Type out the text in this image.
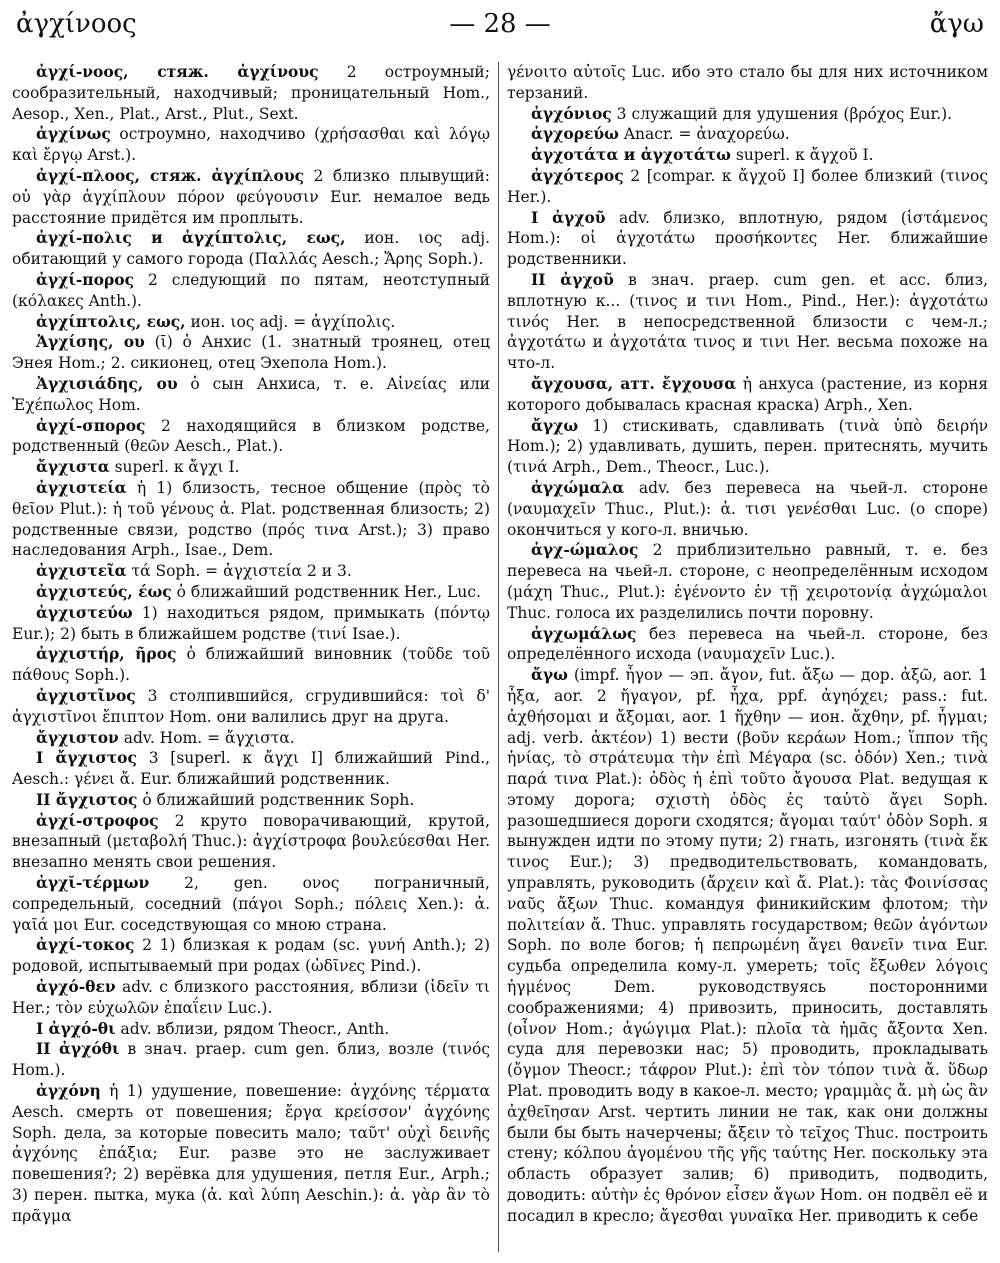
ἀγχίνοος	— 28 —	ἄγω

ἀγχί-νοος, стяж. ἀγχίνους 2 остроумный; сообразительный, находчивый; проницательный Hom., Aesop., Xen., Plat., Arst., Plut., Sext.

ἀγχίνως остроумно, находчиво (χρήσασθαι καὶ λόγῳ καὶ ἔργῳ Arst.).

ἀγχί-πλοος, стяж. ἀγχίπλους 2 близко плывущий: οὐ γὰρ ἀγχίπλουν πόρον φεύγουσιν Eur. немалое ведь расстояние придётся им проплыть.

ἀγχί-πολις и ἀγχίπτολις, εως, ион. ιος adj. обитающий у самого города (Παλλάς Aesch.; Ἄρης Soph.).

ἀγχί-πορος 2 следующий по пятам, неотступный (κόλακες Anth.).

ἀγχίπτολις, εως, ион. ιος adj. = ἀγχίπολις.

Ἀγχίσης, ου (ῑ) ὁ Анхис (1. знатный троянец, отец Энея Hom.; 2. сикионец, отец Эхепола Hom.).

Ἀγχισιάδης, ου ὁ сын Анхиса, т. е. Αἰνείας или Ἐχέπωλος Hom.

ἀγχί-σπορος 2 находящийся в близком родстве, родственный (θεῶν Aesch., Plat.).

ἄγχιστα superl. к ἄγχι I.

ἀγχιστεία ἡ 1) близость, тесное общение (πρὸς τὸ θεῖον Plut.): ἡ τοῦ γένους ἀ. Plat. родственная близость; 2) родственные связи, родство (πρός τινα Arst.); 3) право наследования Arph., Isae., Dem.

ἀγχιστεῖα τά Soph. = ἀγχιστεία 2 и 3.

ἀγχιστεύς, έως ὁ ближайший родственник Her., Luc.

ἀγχιστεύω 1) находиться рядом, примыкать (πόντῳ Eur.); 2) быть в ближайшем родстве (τινί Isae.).

ἀγχιστήρ, ῆρος ὁ ближайший виновник (τοῦδε τοῦ πάθους Soph.).

ἀγχιστῖνος 3 столпившийся, сгрудившийся: τοὶ δ' ἀγχιστῖνοι ἔπιπτον Hom. они валились друг на друга.

ἄγχιστον adv. Hom. = ἄγχιστα.

I ἄγχιστος 3 [superl. к ἄγχι I] ближайший Pind., Aesch.: γένει ἄ. Eur. ближайший родственник.

II ἄγχιστος ὁ ближайший родственник Soph.

ἀγχί-στροφος 2 круто поворачивающий, крутой, внезапный (μεταβολή Thuc.): ἀγχίστροφα βουλεύεσθαι Her. внезапно менять свои решения.

ἀγχῐ-τέρμων 2, gen. ονος пограничный, сопредельный, соседний (πάγοι Soph.; πόλεις Xen.): ἀ. γαῖά μοι Eur. соседствующая со мною страна.

ἀγχί-τοκος 2 1) близкая к родам (sc. γυνή Anth.); 2) родовой, испытываемый при родах (ὠδῖνες Pind.).

ἀγχό-θεν adv. с близкого расстояния, вблизи (ἰδεῖν τι Her.; τὸν εὐχωλῶν ἐπαΐειν Luc.).

I ἀγχό-θι adv. вблизи, рядом Theocr., Anth.

II ἀγχόθι в знач. praep. cum gen. близ, возле (τινός Hom.).

ἀγχόνη ἡ 1) удушение, повешение: ἀγχόνης τέρματα Aesch. смерть от повешения; ἔργα κρείσσον' ἀγχόνης Soph. дела, за которые повесить мало; ταῦτ' οὐχὶ δεινῆς ἀγχόνης ἐπάξια; Eur. разве это не заслуживает повешения?; 2) верёвка для удушения, петля Eur., Arph.; 3) перен. пытка, мука (ἀ. καὶ λύπη Aeschin.): ἀ. γὰρ ἂν τὸ πρᾶγμα

γένοιτο αὐτοῖς Luc. ибо это стало бы для них источником терзаний.

ἀγχόνιος 3 служащий для удушения (βρόχος Eur.).

ἀγχορεύω Anacr. = ἀναχορεύω.

ἀγχοτάτα и ἀγχοτάτω superl. к ἄγχοῦ I.

ἀγχότερος 2 [compar. к ἄγχοῦ I] более близкий (τινος Her.).

I ἀγχοῦ adv. близко, вплотную, рядом (ἱστάμενος Hom.): οἱ ἀγχοτάτω προσήκοντες Her. ближайшие родственники.

II ἀγχοῦ в знач. praep. cum gen. et acc. близ, вплотную к... (τινος и τινι Hom., Pind., Her.): ἀγχοτάτω τινός Her. в непосредственной близости с чем-л.; ἀγχοτάτω и ἀγχοτάτα τινος и τινι Her. весьма похоже на что-л.

ἄγχουσα, атт. ἔγχουσα ἡ анхуса (растение, из корня которого добывалась красная краска) Arph., Xen.

ἄγχω 1) стискивать, сдавливать (τινὰ ὑπὸ δειρήν Hom.); 2) удавливать, душить, перен. притеснять, мучить (τινά Arph., Dem., Theocr., Luc.).

ἀγχώμαλα adv. без перевеса на чьей-л. стороне (ναυμαχεῖν Thuc., Plut.): ἀ. τισι γενέσθαι Luc. (о споре) окончиться у кого-л. вничью.

ἀγχ-ώμαλος 2 приблизительно равный, т. е. без перевеса на чьей-л. стороне, с неопределённым исходом (μάχη Thuc., Plut.): ἐγένοντο ἐν τῇ χειροτονίᾳ ἀγχώμαλοι Thuc. голоса их разделились почти поровну.

ἀγχωμάλως без перевеса на чьей-л. стороне, без определённого исхода (ναυμαχεῖν Luc.).

ἄγω (impf. ἦγον — эп. ἄγον, fut. ἄξω — дор. ἀξῶ, aor. 1 ἦξα, aor. 2 ἤγαγον, pf. ἦχα, ppf. ἀγηόχει; pass.: fut. ἀχθήσομαι и ἄξομαι, aor. 1 ἤχθην — ион. ἄχθην, pf. ἦγμαι; adj. verb. ἀκτέον) 1) вести (βοῦν κεράων Hom.; ἵππον τῆς ἡνίας, τὸ στράτευμα τὴν ἐπὶ Μέγαρα (sc. ὁδόν) Xen.; τινὰ παρά τινα Plat.): ὁδὸς ἡ ἐπὶ τοῦτο ἄγουσα Plat. ведущая к этому дорога; σχιστὴ ὁδὸς ἐς ταὐτὸ ἄγει Soph. разошедшиеся дороги сходятся; ἄγομαι ταύτ' ὁδὸν Soph. я вынужден идти по этому пути; 2) гнать, изгонять (τινὰ ἔκ τινος Eur.); 3) предводительствовать, командовать, управлять, руководить (ἄρχειν καὶ ἄ. Plat.): τὰς Φοινίσσας ναῦς ἄξων Thuc. командуя финикийским флотом; τὴν πολιτείαν ἄ. Thuc. управлять государством; θεῶν ἀγόντων Soph. по воле богов; ἡ πεπρωμένη ἄγει θανεῖν τινα Eur. судьба определила кому-л. умереть; τοῖς ἔξωθεν λόγοις ἠγμένος Dem. руководствуясь посторонними соображениями; 4) привозить, приносить, доставлять (οἶνον Hom.; ἀγώγιμα Plat.): πλοῖα τὰ ἡμᾶς ἄξοντα Xen. суда для перевозки нас; 5) проводить, прокладывать (ὄγμον Theocr.; τάφρον Plut.): ἐπὶ τὸν τόπον τινὰ ἄ. ὕδωρ Plat. проводить воду в какое-л. место; γραμμὰς ἄ. μὴ ὡς ἂν ἀχθεῖησαν Arst. чертить линии не так, как они должны были бы быть начерчены; ἄξειν τὸ τεῖχος Thuc. построить стену; κόλπου ἀγομένου τῆς γῆς ταύτης Her. поскольку эта область образует залив; 6) приводить, подводить, доводить: αὐτὴν ἐς θρόνον εἷσεν ἄγων Hom. он подвёл её и посадил в кресло; ἄγεσθαι γυναῖκα Her. приводить к себе
